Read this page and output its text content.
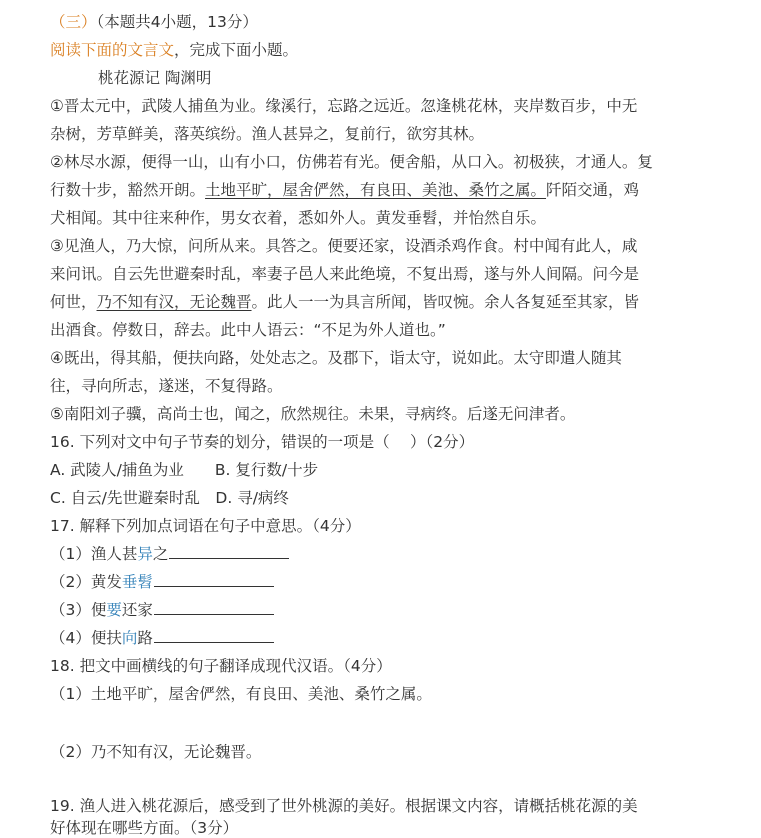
（三）（本题共4小题，13分）
阅读下面的文言文，完成下面小题。
桃花源记 陶渊明
①晋太元中，武陵人捕鱼为业。缘溪行，忘路之远近。忽逢桃花林，夹岸数百步，中无
杂树，芳草鲜美，落英缤纷。渔人甚异之，复前行，欲穷其林。
②林尽水源，便得一山，山有小口，仿佛若有光。便舍船，从口入。初极狭，才通人。复
行数十步，豁然开朗。土地平旷，屋舍俨然，有良田、美池、桑竹之属。阡陌交通，鸡
犬相闻。其中往来种作，男女衣着，悉如外人。黄发垂髫，并怡然自乐。
③见渔人，乃大惊，问所从来。具答之。便要还家，设酒杀鸡作食。村中闻有此人，咸
来问讯。自云先世避秦时乱，率妻子邑人来此绝境，不复出焉，遂与外人间隔。问今是
何世，乃不知有汉，无论魏晋。此人一一为具言所闻，皆叹惋。余人各复延至其家，皆
出酒食。停数日，辞去。此中人语云：“不足为外人道也。”
④既出，得其船，便扶向路，处处志之。及郡下，诣太守，说如此。太守即遣人随其
往，寻向所志，遂迷，不复得路。
⑤南阳刘子骥，高尚士也，闻之，欣然规往。未果，寻病终。后遂无问津者。
16. 下列对文中句子节奏的划分，错误的一项是（　 ）（2分）
A. 武陵人/捕鱼为业　　B. 复行数/十步
C. 自云/先世避秦时乱　D. 寻/病终
17. 解释下列加点词语在句子中意思。（4分）
（1）渔人甚异之
（2）黄发垂髫
（3）便要还家
（4）便扶向路
18. 把文中画横线的句子翻译成现代汉语。（4分）
（1）土地平旷，屋舍俨然，有良田、美池、桑竹之属。
（2）乃不知有汉，无论魏晋。
19. 渔人进入桃花源后，感受到了世外桃源的美好。根据课文内容，请概括桃花源的美
好体现在哪些方面。（3分）
